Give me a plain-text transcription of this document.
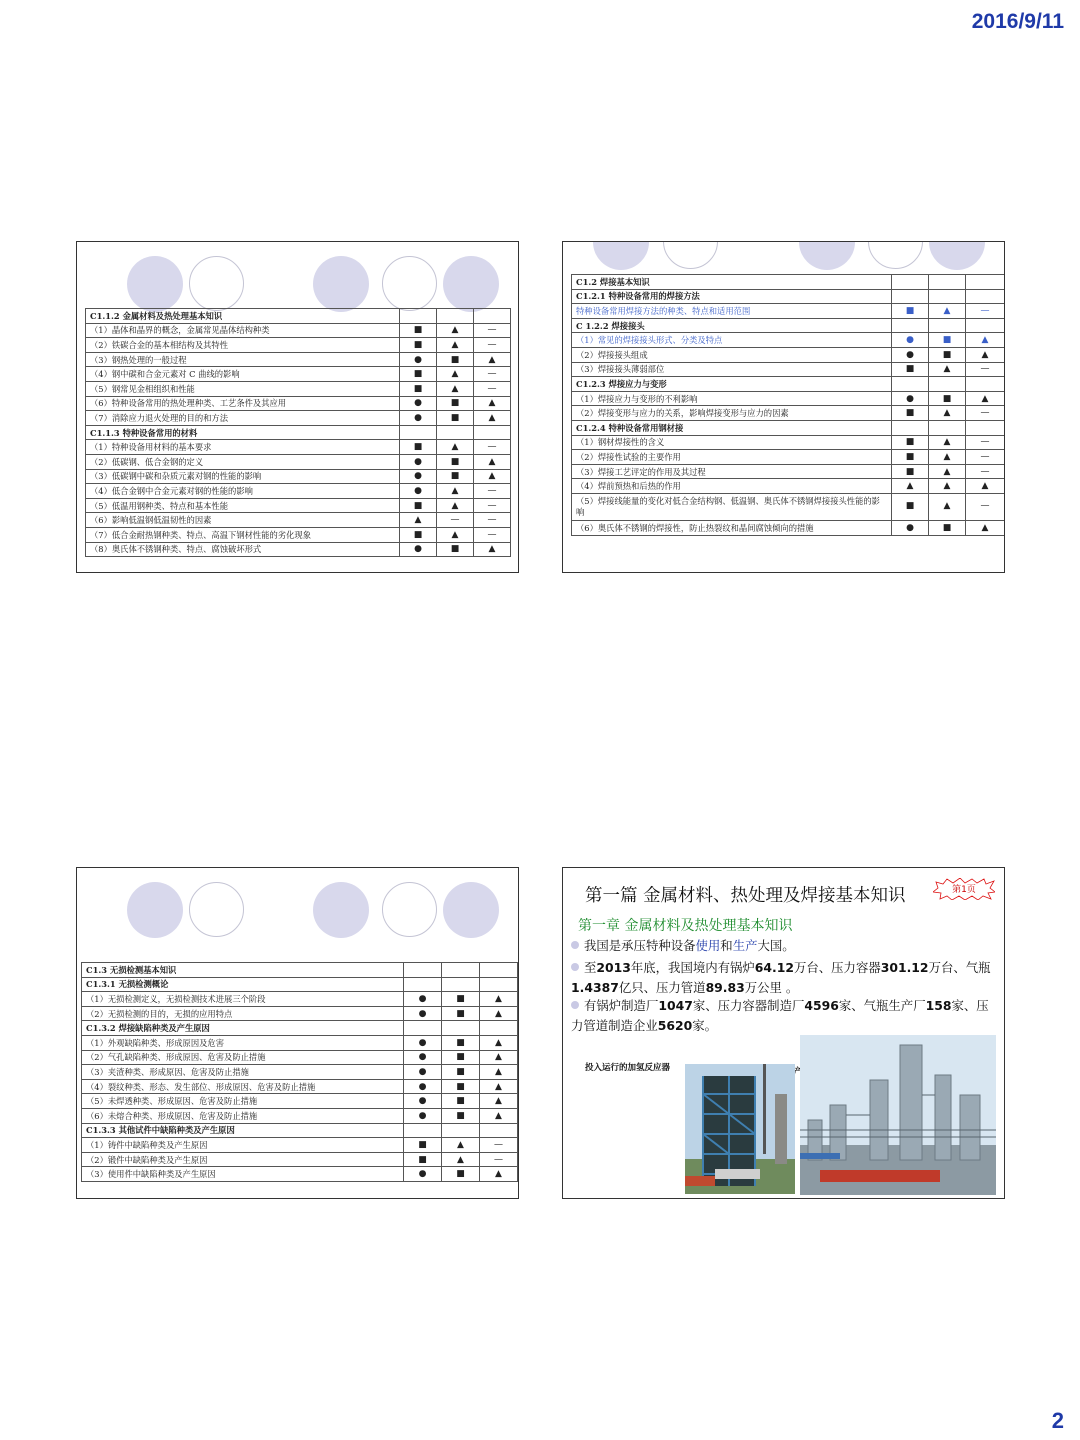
2016/9/11
C1.1.2 金属材料及热处理基本知识			
（1）晶体和晶界的概念，金属常见晶体结构种类	■	▲	—
（2）铁碳合金的基本相结构及其特性	■	▲	—
（3）钢热处理的一般过程	●	■	▲
（4）钢中碳和合金元素对 C 曲线的影响	■	▲	—
（5）钢常见金相组织和性能	■	▲	—
（6）特种设备常用的热处理种类、工艺条件及其应用	●	■	▲
（7）消除应力退火处理的目的和方法	●	■	▲
C1.1.3 特种设备常用的材料			
（1）特种设备用材料的基本要求	■	▲	—
（2）低碳钢、低合金钢的定义	●	■	▲
（3）低碳钢中碳和杂质元素对钢的性能的影响	●	■	▲
（4）低合金钢中合金元素对钢的性能的影响	●	▲	—
（5）低温用钢种类、特点和基本性能	■	▲	—
（6）影响低温钢低温韧性的因素	▲	—	—
（7）低合金耐热钢种类、特点、高温下钢材性能的劣化现象	■	▲	—
（8）奥氏体不锈钢种类、特点、腐蚀破坏形式	●	■	▲
C1.2 焊接基本知识			
C1.2.1 特种设备常用的焊接方法			
特种设备常用焊接方法的种类、特点和适用范围	■	▲	—
C 1.2.2 焊接接头			
（1）常见的焊接接头形式、分类及特点	●	■	▲
（2）焊接接头组成	●	■	▲
（3）焊接接头薄弱部位	■	▲	—
C1.2.3 焊接应力与变形			
（1）焊接应力与变形的不利影响	●	■	▲
（2）焊接变形与应力的关系，影响焊接变形与应力的因素	■	▲	—
C1.2.4 特种设备常用钢材接			
（1）钢材焊接性的含义	■	▲	—
（2）焊接性试验的主要作用	■	▲	—
（3）焊接工艺评定的作用及其过程	■	▲	—
（4）焊前预热和后热的作用	▲	▲	▲
（5）焊接线能量的变化对低合金结构钢、低温钢、奥氏体不锈钢焊接接头性能的影响	■	▲	—
（6）奥氏体不锈钢的焊接性，防止热裂纹和晶间腐蚀倾向的措施	●	■	▲
C1.3 无损检测基本知识			
C1.3.1 无损检测概论			
（1）无损检测定义，无损检测技术进展三个阶段	●	■	▲
（2）无损检测的目的，无损的应用特点	●	■	▲
C1.3.2 焊接缺陷种类及产生原因			
（1）外观缺陷种类、形成原因及危害	●	■	▲
（2）气孔缺陷种类、形成原因、危害及防止措施	●	■	▲
（3）夹渣种类、形成原因、危害及防止措施	●	■	▲
（4）裂纹种类、形态、发生部位、形成原因、危害及防止措施	●	■	▲
（5）未焊透种类、形成原因、危害及防止措施	●	■	▲
（6）未熔合种类、形成原因、危害及防止措施	●	■	▲
C1.3.3 其他试件中缺陷种类及产生原因			
（1）铸件中缺陷种类及产生原因	■	▲	—
（2）锻件中缺陷种类及产生原因	■	▲	—
（3）使用件中缺陷种类及产生原因	●	■	▲
第一篇 金属材料、热处理及焊接基本知识	第1页
第一章 金属材料及热处理基本知识
我国是承压特种设备使用和生产大国。
至2013年底，我国境内有锅炉64.12万台、压力容器301.12万台、气瓶1.4387亿只、压力管道89.83万公里 。
有锅炉制造厂1047家、压力容器制造厂4596家、气瓶生产厂158家、压力管道制造企业5620家。
投入运行的加氢反应器
2
